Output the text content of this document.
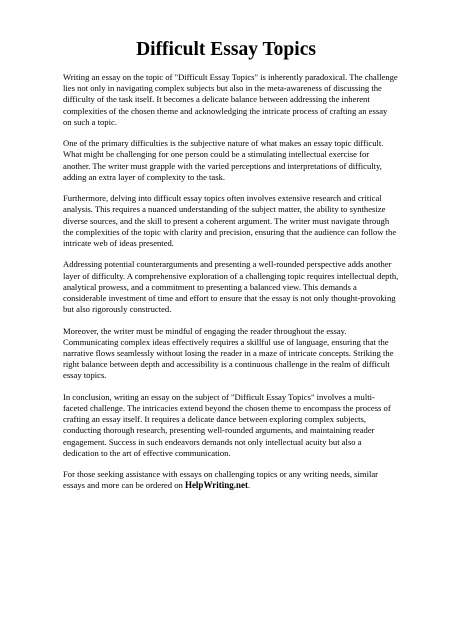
Difficult Essay Topics

Writing an essay on the topic of "Difficult Essay Topics" is inherently paradoxical. The challenge
lies not only in navigating complex subjects but also in the meta-awareness of discussing the
difficulty of the task itself. It becomes a delicate balance between addressing the inherent
complexities of the chosen theme and acknowledging the intricate process of crafting an essay
on such a topic.

One of the primary difficulties is the subjective nature of what makes an essay topic difficult.
What might be challenging for one person could be a stimulating intellectual exercise for
another. The writer must grapple with the varied perceptions and interpretations of difficulty,
adding an extra layer of complexity to the task.

Furthermore, delving into difficult essay topics often involves extensive research and critical
analysis. This requires a nuanced understanding of the subject matter, the ability to synthesize
diverse sources, and the skill to present a coherent argument. The writer must navigate through
the complexities of the topic with clarity and precision, ensuring that the audience can follow the
intricate web of ideas presented.

Addressing potential counterarguments and presenting a well-rounded perspective adds another
layer of difficulty. A comprehensive exploration of a challenging topic requires intellectual depth,
analytical prowess, and a commitment to presenting a balanced view. This demands a
considerable investment of time and effort to ensure that the essay is not only thought-provoking
but also rigorously constructed.

Moreover, the writer must be mindful of engaging the reader throughout the essay.
Communicating complex ideas effectively requires a skillful use of language, ensuring that the
narrative flows seamlessly without losing the reader in a maze of intricate concepts. Striking the
right balance between depth and accessibility is a continuous challenge in the realm of difficult
essay topics.

In conclusion, writing an essay on the subject of "Difficult Essay Topics" involves a multi-
faceted challenge. The intricacies extend beyond the chosen theme to encompass the process of
crafting an essay itself. It requires a delicate dance between exploring complex subjects,
conducting thorough research, presenting well-rounded arguments, and maintaining reader
engagement. Success in such endeavors demands not only intellectual acuity but also a
dedication to the art of effective communication.

For those seeking assistance with essays on challenging topics or any writing needs, similar
essays and more can be ordered on HelpWriting.net.
